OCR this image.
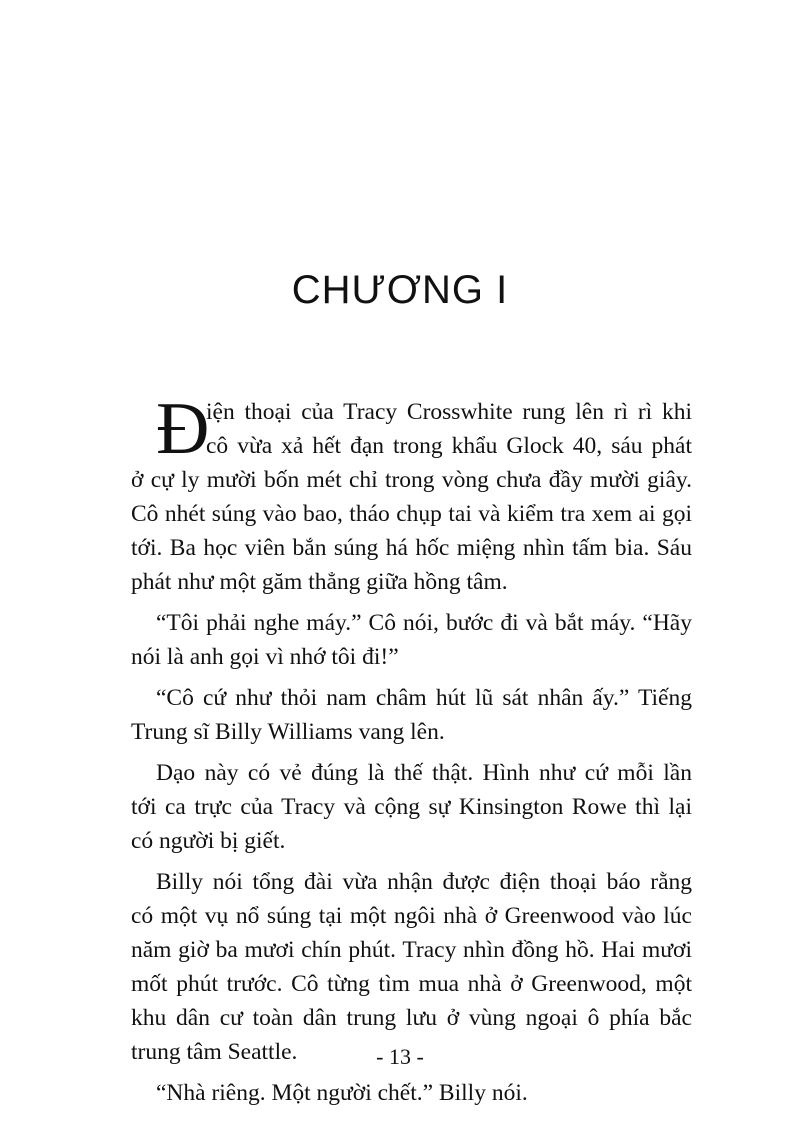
CHƯƠNG I
Đ
iện thoại của Tracy Crosswhite rung lên rì rì khi
cô vừa xả hết đạn trong khẩu Glock 40, sáu phát
ở cự ly mười bốn mét chỉ trong vòng chưa đầy mười giây.
Cô nhét súng vào bao, tháo chụp tai và kiểm tra xem ai gọi
tới. Ba học viên bắn súng há hốc miệng nhìn tấm bia. Sáu
phát như một găm thẳng giữa hồng tâm.
“Tôi phải nghe máy.” Cô nói, bước đi và bắt máy. “Hãy
nói là anh gọi vì nhớ tôi đi!”
“Cô cứ như thỏi nam châm hút lũ sát nhân ấy.” Tiếng
Trung sĩ Billy Williams vang lên.
Dạo này có vẻ đúng là thế thật. Hình như cứ mỗi lần
tới ca trực của Tracy và cộng sự Kinsington Rowe thì lại
có người bị giết.
Billy nói tổng đài vừa nhận được điện thoại báo rằng
có một vụ nổ súng tại một ngôi nhà ở Greenwood vào lúc
năm giờ ba mươi chín phút. Tracy nhìn đồng hồ. Hai mươi
mốt phút trước. Cô từng tìm mua nhà ở Greenwood, một
khu dân cư toàn dân trung lưu ở vùng ngoại ô phía bắc
trung tâm Seattle.
“Nhà riêng. Một người chết.” Billy nói.
- 13 -
